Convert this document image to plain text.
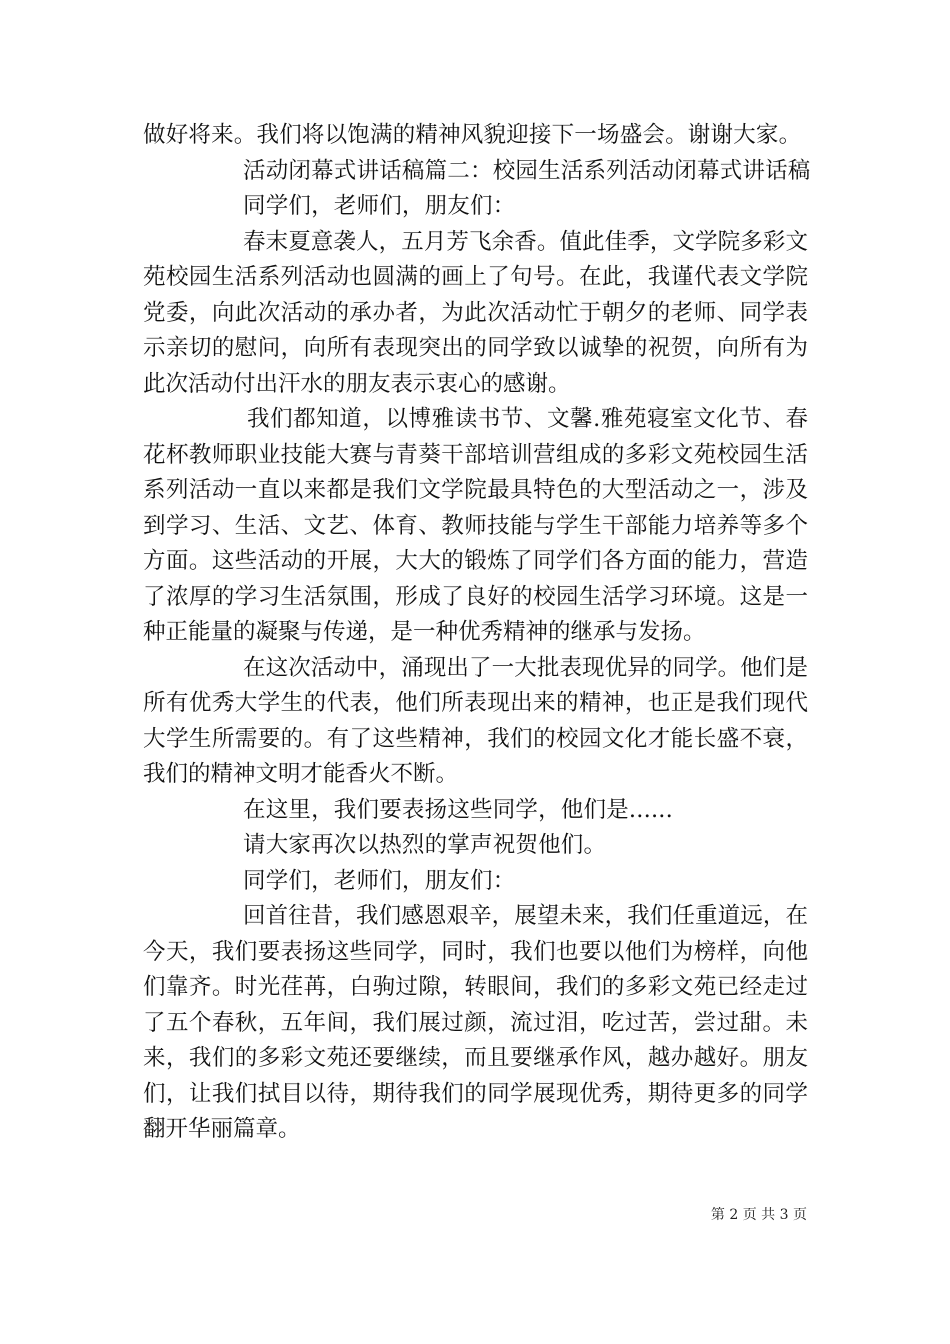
做好将来。我们将以饱满的精神风貌迎接下一场盛会。谢谢大家。
活动闭幕式讲话稿篇二：校园生活系列活动闭幕式讲话稿
同学们，老师们，朋友们：

春末夏意袭人，五月芳飞余香。值此佳季，文学院多彩文苑校园生活系列活动也圆满的画上了句号。在此，我谨代表文学院党委，向此次活动的承办者，为此次活动忙于朝夕的老师、同学表示亲切的慰问，向所有表现突出的同学致以诚挚的祝贺，向所有为此次活动付出汗水的朋友表示衷心的感谢。

我们都知道，以博雅读书节、文馨.雅苑寝室文化节、春花杯教师职业技能大赛与青葵干部培训营组成的多彩文苑校园生活系列活动一直以来都是我们文学院最具特色的大型活动之一，涉及到学习、生活、文艺、体育、教师技能与学生干部能力培养等多个方面。这些活动的开展，大大的锻炼了同学们各方面的能力，营造了浓厚的学习生活氛围，形成了良好的校园生活学习环境。这是一种正能量的凝聚与传递，是一种优秀精神的继承与发扬。

在这次活动中，涌现出了一大批表现优异的同学。他们是所有优秀大学生的代表，他们所表现出来的精神，也正是我们现代大学生所需要的。有了这些精神，我们的校园文化才能长盛不衰，我们的精神文明才能香火不断。

在这里，我们要表扬这些同学，他们是......
请大家再次以热烈的掌声祝贺他们。
同学们，老师们，朋友们：

回首往昔，我们感恩艰辛，展望未来，我们任重道远，在今天，我们要表扬这些同学，同时，我们也要以他们为榜样，向他们靠齐。时光荏苒，白驹过隙，转眼间，我们的多彩文苑已经走过了五个春秋，五年间，我们展过颜，流过泪，吃过苦，尝过甜。未来，我们的多彩文苑还要继续，而且要继承作风，越办越好。朋友们，让我们拭目以待，期待我们的同学展现优秀，期待更多的同学翻开华丽篇章。

第 2 页 共 3 页
